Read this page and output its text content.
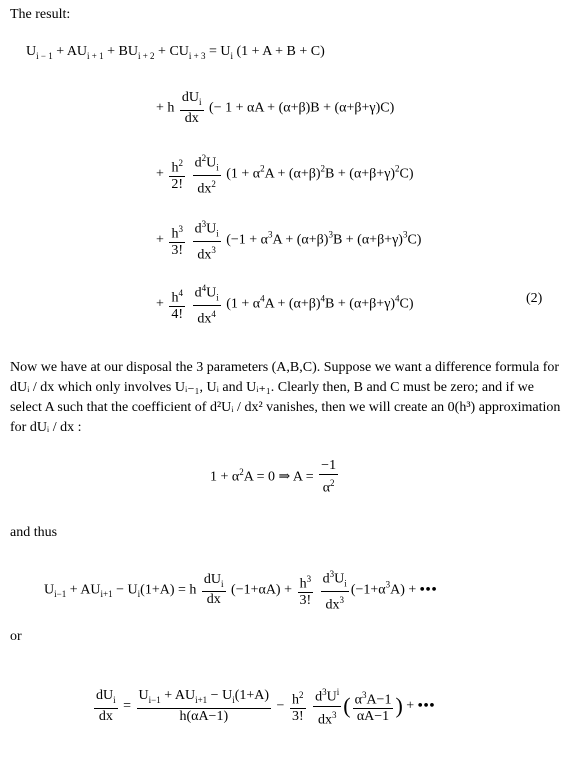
The result:
$U_{i - 1} + AU_{i + 1} + BU_{i + 2} + CU_{i + 3} = U_i$ (1 + A + B + C)
+ h
$dU_i$
dx
(− 1 + αA + (α+β)B + (α+β+γ)C)
+ $\frac{h^2}{2!}$
$\frac{d^2U_i}{dx^2} (1 + \alpha^2A + (\alpha+\beta)^2B + (\alpha+\beta+\gamma)^2C)$
+ $\frac{h^3}{3!}$
$\frac{d^3U_i}{dx^3} (-1 + \alpha^3A + (\alpha+\beta)^3B + (\alpha+\beta+\gamma)^3C)$
+ $\frac{h^4}{4!}$
$\frac{d^4U_i}{dx^4} (1 + \alpha^4A + (\alpha+\beta)^4B + (\alpha+\beta+\gamma)^4C)$	(2)
Now we have at our disposal the 3 parameters (A,B,C). Suppose we want a difference formula for dUᵢ / dx which only involves Uᵢ₋₁, Uᵢ and Uᵢ₊₁. Clearly then, B and C must be zero; and if we select A such that the coefficient of d²Uᵢ / dx² vanishes, then we will create an 0(h³) approximation for dUᵢ / dx :
$1 + \alpha^2A = 0$ ⇒ $A = \frac{-1}{\alpha^2}$
and thus
$U_{i-1} + AU_{i+1} - U_i(1+A) = h$
$dU_i$
dx
$(-1+\alpha A) + \frac{h^3}{3!}$
$\frac{d^3U_i}{dx^3} (-1+\alpha^3A)$ + •••
or
$dU_i$
dx
=
$U_{i-1} + AU_{i+1} - U_i(1+A)$
h(αA−1)
− $\frac{h^2}{3!}$
$\frac{d^3U^i}{dx^3}$ ( $\frac{\alpha^3A-1}{\alpha A-1}$ ) + •••
